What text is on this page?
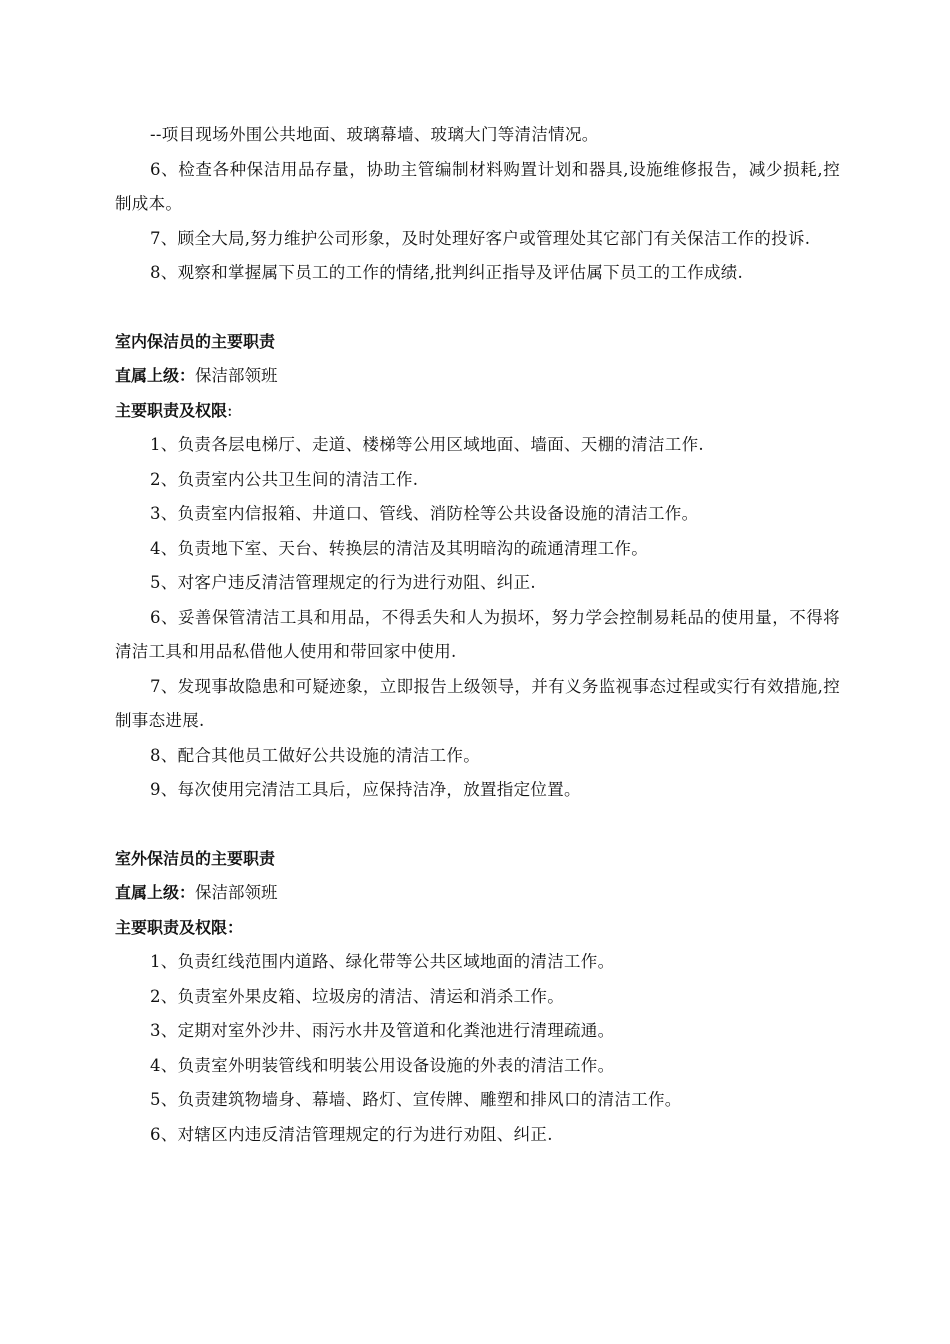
--项目现场外围公共地面、玻璃幕墙、玻璃大门等清洁情况。

6、检查各种保洁用品存量，协助主管编制材料购置计划和器具,设施维修报告，减少损耗,控制成本。

7、顾全大局,努力维护公司形象，及时处理好客户或管理处其它部门有关保洁工作的投诉.

8、观察和掌握属下员工的工作的情绪,批判纠正指导及评估属下员工的工作成绩.

室内保洁员的主要职责

直属上级：保洁部领班

主要职责及权限:

1、负责各层电梯厅、走道、楼梯等公用区域地面、墙面、天棚的清洁工作.

2、负责室内公共卫生间的清洁工作.

3、负责室内信报箱、井道口、管线、消防栓等公共设备设施的清洁工作。

4、负责地下室、天台、转换层的清洁及其明暗沟的疏通清理工作。

5、对客户违反清洁管理规定的行为进行劝阻、纠正.

6、妥善保管清洁工具和用品，不得丢失和人为损坏，努力学会控制易耗品的使用量，不得将清洁工具和用品私借他人使用和带回家中使用.

7、发现事故隐患和可疑迹象，立即报告上级领导，并有义务监视事态过程或实行有效措施,控制事态进展.

8、配合其他员工做好公共设施的清洁工作。

9、每次使用完清洁工具后，应保持洁净，放置指定位置。

室外保洁员的主要职责

直属上级：保洁部领班

主要职责及权限：

1、负责红线范围内道路、绿化带等公共区域地面的清洁工作。

2、负责室外果皮箱、垃圾房的清洁、清运和消杀工作。

3、定期对室外沙井、雨污水井及管道和化粪池进行清理疏通。

4、负责室外明装管线和明装公用设备设施的外表的清洁工作。

5、负责建筑物墙身、幕墙、路灯、宣传牌、雕塑和排风口的清洁工作。

6、对辖区内违反清洁管理规定的行为进行劝阻、纠正.
